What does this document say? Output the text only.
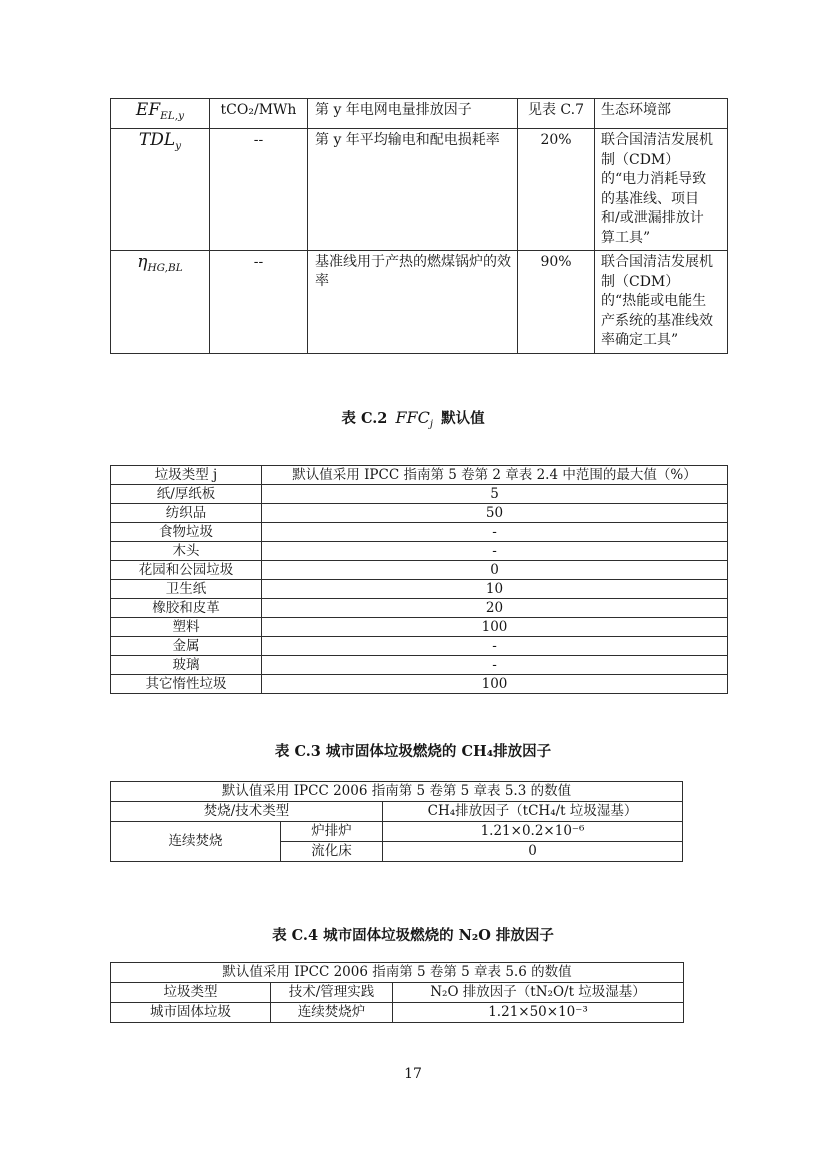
$EF_{EL,y}$	tCO₂/MWh	第 y 年电网电量排放因子	见表 C.7	生态环境部
$TDL_y$	--	第 y 年平均输电和配电损耗率	20%	联合国清洁发展机制（CDM）的“电力消耗导致的基准线、项目和/或泄漏排放计算工具”
$\eta_{HG,BL}$	--	基准线用于产热的燃煤锅炉的效率	90%	联合国清洁发展机制（CDM）的“热能或电能生产系统的基准线效率确定工具”
表 C.2 $FFC_j$ 默认值
垃圾类型 j	默认值采用 IPCC 指南第 5 卷第 2 章表 2.4 中范围的最大值（%）
纸/厚纸板	5
纺织品	50
食物垃圾	-
木头	-
花园和公园垃圾	0
卫生纸	10
橡胶和皮革	20
塑料	100
金属	-
玻璃	-
其它惰性垃圾	100
表 C.3 城市固体垃圾燃烧的 CH₄排放因子
默认值采用 IPCC 2006 指南第 5 卷第 5 章表 5.3 的数值		
焚烧/技术类型		CH₄排放因子（tCH₄/t 垃圾湿基）
连续焚烧	炉排炉	1.21×0.2×10⁻⁶
	流化床	0
表 C.4 城市固体垃圾燃烧的 N₂O 排放因子
默认值采用 IPCC 2006 指南第 5 卷第 5 章表 5.6 的数值		
垃圾类型	技术/管理实践	N₂O 排放因子（tN₂O/t 垃圾湿基）
城市固体垃圾	连续焚烧炉	1.21×50×10⁻³
17
